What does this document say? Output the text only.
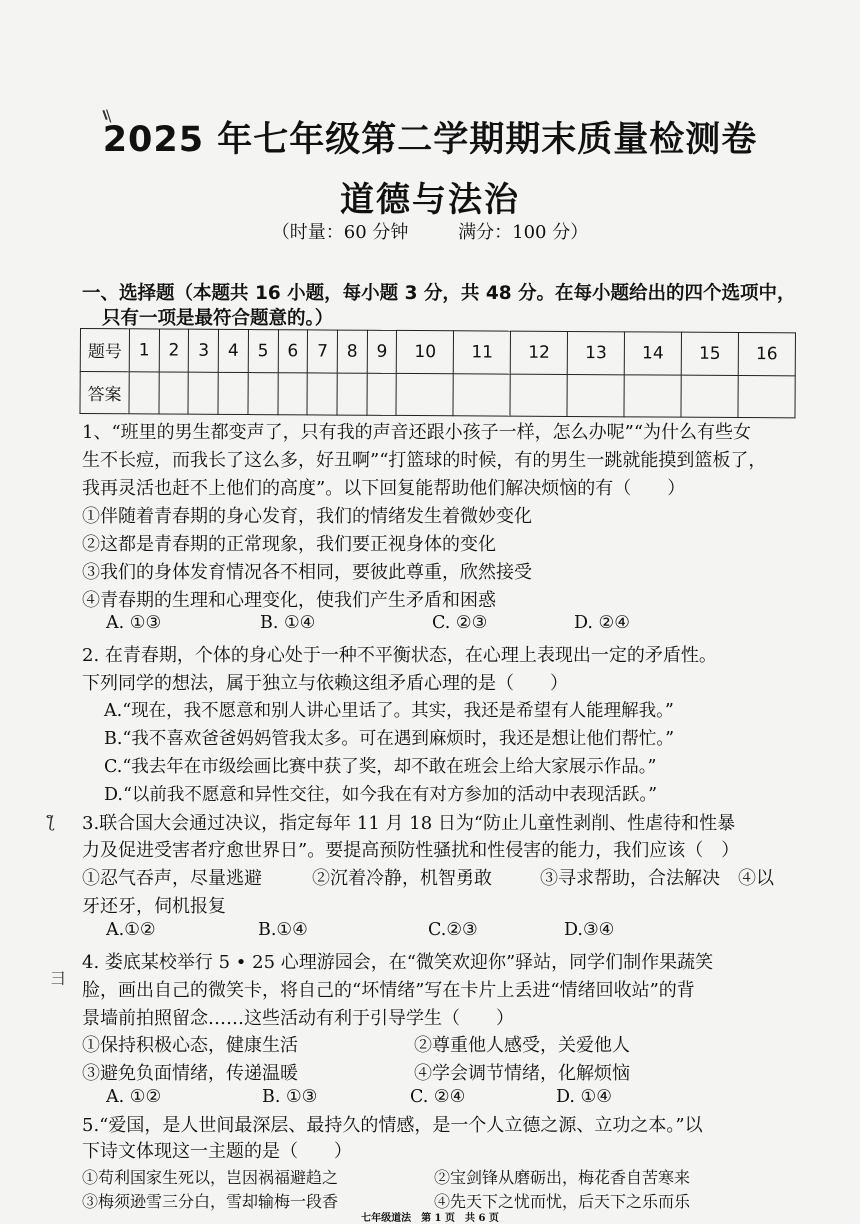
2025 年七年级第二学期期末质量检测卷
道德与法治
（时量：60 分钟	满分：100 分）
一、选择题（本题共 16 小题，每小题 3 分，共 48 分。在每小题给出的四个选项中，
只有一项是最符合题意的。）
题号	1	2	3	4	5	6	7	8	9	10	11	12	13	14	15	16
答案																
1、“班里的男生都变声了，只有我的声音还跟小孩子一样，怎么办呢”“为什么有些女
生不长痘，而我长了这么多，好丑啊”“打篮球的时候，有的男生一跳就能摸到篮板了，
我再灵活也赶不上他们的高度”。以下回复能帮助他们解决烦恼的有（　　）
①伴随着青春期的身心发育，我们的情绪发生着微妙变化
②这都是青春期的正常现象，我们要正视身体的变化
③我们的身体发育情况各不相同，要彼此尊重，欣然接受
④青春期的生理和心理变化，使我们产生矛盾和困惑
A. ①③	B. ①④	C. ②③	D. ②④
2. 在青春期，个体的身心处于一种不平衡状态，在心理上表现出一定的矛盾性。
下列同学的想法，属于独立与依赖这组矛盾心理的是（　　）
A.“现在，我不愿意和别人讲心里话了。其实，我还是希望有人能理解我。”
B.“我不喜欢爸爸妈妈管我太多。可在遇到麻烦时，我还是想让他们帮忙。”
C.“我去年在市级绘画比赛中获了奖，却不敢在班会上给大家展示作品。”
D.“以前我不愿意和异性交往，如今我在有对方参加的活动中表现活跃。”
3.联合国大会通过决议，指定每年 11 月 18 日为“防止儿童性剥削、性虐待和性暴
力及促进受害者疗愈世界日”。要提高预防性骚扰和性侵害的能力，我们应该（　）
①忍气吞声，尽量逃避	②沉着冷静，机智勇敢	③寻求帮助，合法解决 ④以
牙还牙，伺机报复
A.①②	B.①④	C.②③	D.③④
4. 娄底某校举行 5 • 25 心理游园会，在“微笑欢迎你”驿站，同学们制作果蔬笑
脸，画出自己的微笑卡，将自己的“坏情绪”写在卡片上丢进“情绪回收站”的背
景墙前拍照留念……这些活动有利于引导学生（　　）
①保持积极心态，健康生活	②尊重他人感受，关爱他人
③避免负面情绪，传递温暖	④学会调节情绪，化解烦恼
A. ①②	B. ①③	C. ②④	D. ①④
5.“爱国，是人世间最深层、最持久的情感，是一个人立德之源、立功之本。”以
下诗文体现这一主题的是（　　）
①苟利国家生死以，岂因祸福避趋之	②宝剑锋从磨砺出，梅花香自苦寒来
③梅须逊雪三分白，雪却输梅一段香	④先天下之忧而忧，后天下之乐而乐
七年级道法　第 1 页　共 6 页
\
ƪ
彐
